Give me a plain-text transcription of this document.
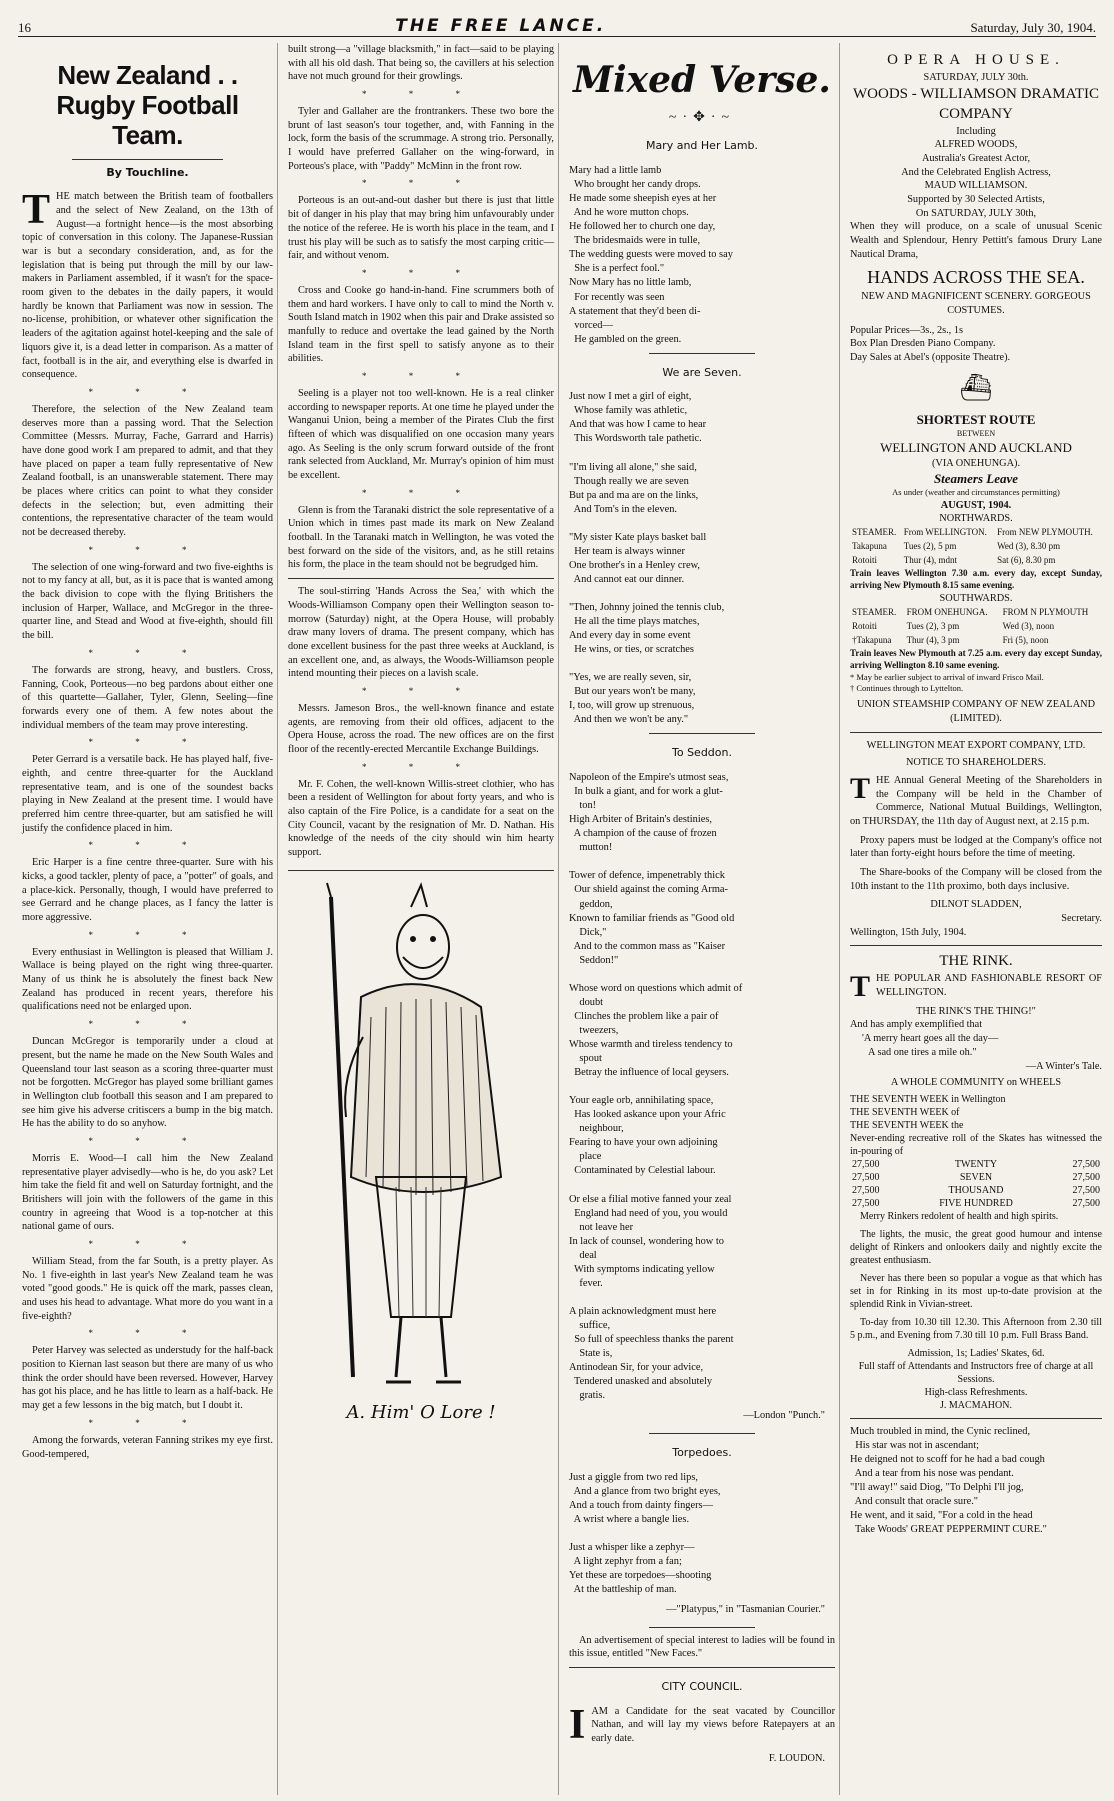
16	THE FREE LANCE.	Saturday, July 30, 1904.
New Zealand . .
Rugby Football Team.
By Touchline.

THE match between the British team of footballers and the select of New Zealand, on the 13th of August—a fortnight hence—is the most absorbing topic of conversation in this colony. The Japanese-Russian war is but a secondary consideration, and, as for the legislation that is being put through the mill by our law-makers in Parliament assembled, if it wasn't for the space-room given to the debates in the daily papers, it would hardly be known that Parliament was now in session. The no-license, prohibition, or whatever other signification the leaders of the agitation against hotel-keeping and the sale of liquors give it, is a dead letter in comparison. As a matter of fact, football is in the air, and everything else is dwarfed in consequence.

* * *

Therefore, the selection of the New Zealand team deserves more than a passing word. That the Selection Committee (Messrs. Murray, Fache, Garrard and Harris) have done good work I am prepared to admit, and that they have placed on paper a team fully representative of New Zealand football, is an unanswerable statement. There may be places where critics can point to what they consider defects in the selection; but, even admitting their contentions, the representative character of the team would not be decreased thereby.

* * *

The selection of one wing-forward and two five-eighths is not to my fancy at all, but, as it is pace that is wanted among the back division to cope with the flying Britishers the inclusion of Harper, Wallace, and McGregor in the three-quarter line, and Stead and Wood at five-eighth, should fill the bill.

* * *

The forwards are strong, heavy, and bustlers. Cross, Fanning, Cook, Porteous—no beg pardons about either one of this quartette—Gallaher, Tyler, Glenn, Seeling—fine forwards every one of them. A few notes about the individual members of the team may prove interesting.

* * *

Peter Gerrard is a versatile back. He has played half, five-eighth, and centre three-quarter for the Auckland representative team, and is one of the soundest backs playing in New Zealand at the present time. I would have preferred him centre three-quarter, but am satisfied he will justify the confidence placed in him.

* * *

Eric Harper is a fine centre three-quarter. Sure with his kicks, a good tackler, plenty of pace, a "potter" of goals, and a place-kick. Personally, though, I would have preferred to see Gerrard and he change places, as I fancy the latter is more aggressive.

* * *

Every enthusiast in Wellington is pleased that William J. Wallace is being played on the right wing three-quarter. Many of us think he is absolutely the finest back New Zealand has produced in recent years, therefore his qualifications need not be enlarged upon.

* * *

Duncan McGregor is temporarily under a cloud at present, but the name he made on the New South Wales and Queensland tour last season as a scoring three-quarter must not be forgotten. McGregor has played some brilliant games in Wellington club football this season and I am prepared to see him give his adverse critiscers a bump in the big match. He has the ability to do so anyhow.

* * *

Morris E. Wood—I call him the New Zealand representative player advisedly—who is he, do you ask? Let him take the field fit and well on Saturday fortnight, and the Britishers will join with the followers of the game in this country in agreeing that Wood is a top-notcher at this national game of ours.

* * *

William Stead, from the far South, is a pretty player. As No. 1 five-eighth in last year's New Zealand team he was voted "good goods." He is quick off the mark, passes clean, and uses his head to advantage. What more do you want in a five-eighth?

* * *

Peter Harvey was selected as understudy for the half-back position to Kiernan last season but there are many of us who think the order should have been reversed. However, Harvey has got his place, and he has little to learn as a half-back. He may get a few lessons in the big match, but I doubt it.

* * *

Among the forwards, veteran Fanning strikes my eye first. Good-tempered,

built strong—a "village blacksmith," in fact—said to be playing with all his old dash. That being so, the cavillers at his selection have not much ground for their growlings.

* * *

Tyler and Gallaher are the frontrankers. These two bore the brunt of last season's tour together, and, with Fanning in the lock, form the basis of the scrummage. A strong trio. Personally, I would have preferred Gallaher on the wing-forward, in Porteous's place, with "Paddy" McMinn in the front row.

* * *

Porteous is an out-and-out dasher but there is just that little bit of danger in his play that may bring him unfavourably under the notice of the referee. He is worth his place in the team, and I trust his play will be such as to satisfy the most carping critic—fair, and without venom.

* * *

Cross and Cooke go hand-in-hand. Fine scrummers both of them and hard workers. I have only to call to mind the North v. South Island match in 1902 when this pair and Drake assisted so manfully to reduce and overtake the lead gained by the North Island team in the first spell to satisfy anyone as to their abilities.

* * *

Seeling is a player not too well-known. He is a real clinker according to newspaper reports. At one time he played under the Wanganui Union, being a member of the Pirates Club the first fifteen of which was disqualified on one occasion many years ago. As Seeling is the only scrum forward outside of the front rank selected from Auckland, Mr. Murray's opinion of him must be excellent.

* * *

Glenn is from the Taranaki district the sole representative of a Union which in times past made its mark on New Zealand football. In the Taranaki match in Wellington, he was voted the best forward on the side of the visitors, and, as he still retains his form, the place in the team should not be begrudged him.

The soul-stirring 'Hands Across the Sea,' with which the Woods-Williamson Company open their Wellington season to-morrow (Saturday) night, at the Opera House, will probably draw many lovers of drama. The present company, which has done excellent business for the past three weeks at Auckland, is an excellent one, and, as always, the Woods-Williamson people intend mounting their pieces on a lavish scale.

* * *

Messrs. Jameson Bros., the well-known finance and estate agents, are removing from their old offices, adjacent to the Opera House, across the road. The new offices are on the first floor of the recently-erected Mercantile Exchange Buildings.

* * *

Mr. F. Cohen, the well-known Willis-street clothier, who has been a resident of Wellington for about forty years, and who is also captain of the Fire Police, is a candidate for a seat on the City Council, vacant by the resignation of Mr. D. Nathan. His knowledge of the needs of the city should win him hearty support.

A. Him' O Lore !
Mixed Verse.
~·✥·~
Mary and Her Lamb.
Mary had a little lamb
Who brought her candy drops.
He made some sheepish eyes at her
And he wore mutton chops.
He followed her to church one day,
The bridesmaids were in tulle,
The wedding guests were moved to say
She is a perfect fool."
Now Mary has no little lamb,
For recently was seen
A statement that they'd been di-
vorced—
He gambled on the green.
We are Seven.
Just now I met a girl of eight,
Whose family was athletic,
And that was how I came to hear
This Wordsworth tale pathetic.

"I'm living all alone," she said,
Though really we are seven
But pa and ma are on the links,
And Tom's in the eleven.

"My sister Kate plays basket ball
Her team is always winner
One brother's in a Henley crew,
And cannot eat our dinner.

"Then, Johnny joined the tennis club,
He all the time plays matches,
And every day in some event
He wins, or ties, or scratches

"Yes, we are really seven, sir,
But our years won't be many,
I, too, will grow up strenuous,
And then we won't be any."
To Seddon.
Napoleon of the Empire's utmost seas,
In bulk a giant, and for work a glut-
ton!
High Arbiter of Britain's destinies,
A champion of the cause of frozen
mutton!

Tower of defence, impenetrably thick
Our shield against the coming Arma-
geddon,
Known to familiar friends as "Good old
Dick,"
And to the common mass as "Kaiser
Seddon!"

Whose word on questions which admit of
doubt
Clinches the problem like a pair of
tweezers,
Whose warmth and tireless tendency to
spout
Betray the influence of local geysers.

Your eagle orb, annihilating space,
Has looked askance upon your Afric
neighbour,
Fearing to have your own adjoining
place
Contaminated by Celestial labour.

Or else a filial motive fanned your zeal
England had need of you, you would
not leave her
In lack of counsel, wondering how to
deal
With symptoms indicating yellow
fever.

A plain acknowledgment must here
suffice,
So full of speechless thanks the parent
State is,
Antinodean Sir, for your advice,
Tendered unasked and absolutely
gratis.
—London "Punch."
Torpedoes.
Just a giggle from two red lips,
And a glance from two bright eyes,
And a touch from dainty fingers—
A wrist where a bangle lies.

Just a whisper like a zephyr—
A light zephyr from a fan;
Yet these are torpedoes—shooting
At the battleship of man.
—"Platypus," in "Tasmanian Courier."

An advertisement of special interest to ladies will be found in this issue, entitled "New Faces."

CITY COUNCIL.

IAM a Candidate for the seat vacated by Councillor Nathan, and will lay my views before Ratepayers at an early date.

F. LOUDON.
OPERA HOUSE.
SATURDAY, JULY 30th.
WOODS - WILLIAMSON DRAMATIC COMPANY
Including
ALFRED WOODS,
Australia's Greatest Actor,
And the Celebrated English Actress,
MAUD WILLIAMSON.
Supported by 30 Selected Artists,
On SATURDAY, JULY 30th,

When they will produce, on a scale of unusual Scenic Wealth and Splendour, Henry Pettitt's famous Drury Lane Nautical Drama,

HANDS ACROSS THE SEA.
NEW AND MAGNIFICENT SCENERY. GORGEOUS COSTUMES.
Popular Prices—3s., 2s., 1s
Box Plan Dresden Piano Company.
Day Sales at Abel's (opposite Theatre).
⛴
SHORTEST ROUTE
BETWEEN
WELLINGTON AND AUCKLAND
(VIA ONEHUNGA).
Steamers Leave
As under (weather and circumstances permitting)
AUGUST, 1904.
NORTHWARDS.
STEAMER.	From WELLINGTON.	From NEW PLYMOUTH.
Takapuna	Tues (2), 5 pm	Wed (3), 8.30 pm
Rotoiti	Thur (4), mdnt	Sat (6), 8.30 pm
Train leaves Wellington 7.30 a.m. every day, except Sunday, arriving New Plymouth 8.15 same evening.
SOUTHWARDS.
STEAMER.	FROM ONEHUNGA.	FROM N PLYMOUTH
Rotoiti	Tues (2), 3 pm	Wed (3), noon
†Takapuna	Thur (4), 3 pm	Fri (5), noon
Train leaves New Plymouth at 7.25 a.m. every day except Sunday, arriving Wellington 8.10 same evening.
* May be earlier subject to arrival of inward Frisco Mail.
† Continues through to Lyttelton.
UNION STEAMSHIP COMPANY OF NEW ZEALAND (LIMITED).
WELLINGTON MEAT EXPORT COMPANY, LTD.
NOTICE TO SHAREHOLDERS.

THE Annual General Meeting of the Shareholders in the Company will be held in the Chamber of Commerce, National Mutual Buildings, Wellington, on THURSDAY, the 11th day of August next, at 2.15 p.m.

Proxy papers must be lodged at the Company's office not later than forty-eight hours before the time of meeting.

The Share-books of the Company will be closed from the 10th instant to the 11th proximo, both days inclusive.

DILNOT SLADDEN,
Secretary.
Wellington, 15th July, 1904.
THE RINK.

THE POPULAR AND FASHIONABLE RESORT OF WELLINGTON.

THE RINK'S THE THING!"
And has amply exemplified that
'A merry heart goes all the day—
A sad one tires a mile oh."
—A Winter's Tale.
A WHOLE COMMUNITY on WHEELS
THE SEVENTH WEEK in Wellington
THE SEVENTH WEEK of
THE SEVENTH WEEK the
Never-ending recreative roll of the Skates has witnessed the in-pouring of
27,500	TWENTY	27,500
27,500	SEVEN	27,500
27,500	THOUSAND	27,500
27,500	FIVE HUNDRED	27,500

Merry Rinkers redolent of health and high spirits.

The lights, the music, the great good humour and intense delight of Rinkers and onlookers daily and nightly excite the greatest enthusiasm.

Never has there been so popular a vogue as that which has set in for Rinking in its most up-to-date provision at the splendid Rink in Vivian-street.

To-day from 10.30 till 12.30. This Afternoon from 2.30 till 5 p.m., and Evening from 7.30 till 10 p.m. Full Brass Band.

Admission, 1s; Ladies' Skates, 6d.
Full staff of Attendants and Instructors free of charge at all Sessions.
High-class Refreshments.
J. MACMAHON.
Much troubled in mind, the Cynic reclined,
His star was not in ascendant;
He deigned not to scoff for he had a bad cough
And a tear from his nose was pendant.
"I'll away!" said Diog, "To Delphi I'll jog,
And consult that oracle sure."
He went, and it said, "For a cold in the head
Take Woods' GREAT PEPPERMINT CURE."
